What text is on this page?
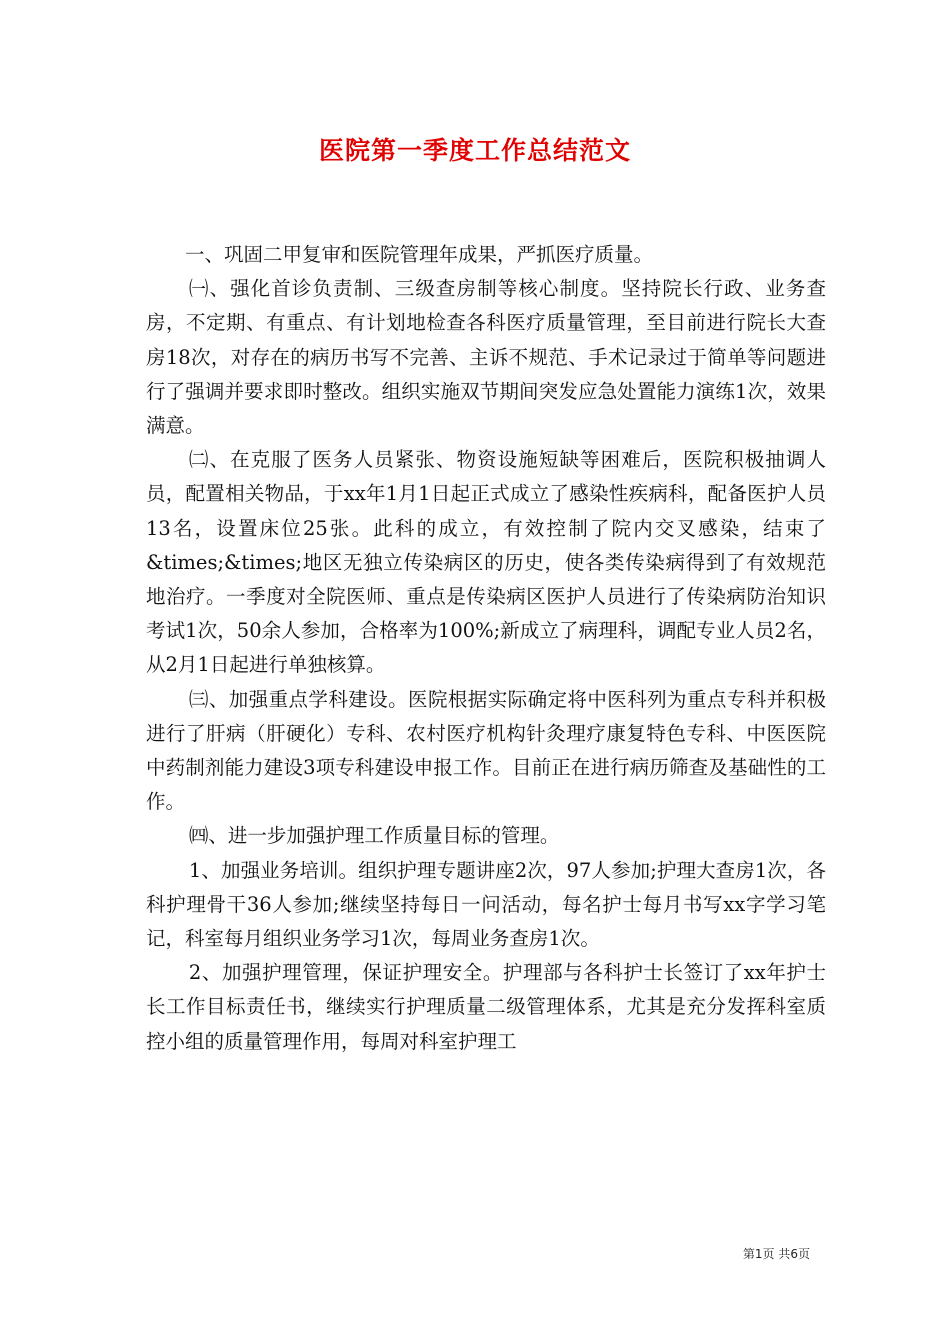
医院第一季度工作总结范文

一、巩固二甲复审和医院管理年成果，严抓医疗质量。

㈠、强化首诊负责制、三级查房制等核心制度。坚持院长行政、业务查房，不定期、有重点、有计划地检查各科医疗质量管理，至目前进行院长大查房18次，对存在的病历书写不完善、主诉不规范、手术记录过于简单等问题进行了强调并要求即时整改。组织实施双节期间突发应急处置能力演练1次，效果满意。

㈡、在克服了医务人员紧张、物资设施短缺等困难后，医院积极抽调人员，配置相关物品，于xx年1月1日起正式成立了感染性疾病科，配备医护人员13名，设置床位25张。此科的成立，有效控制了院内交叉感染，结束了&times;&times;地区无独立传染病区的历史，使各类传染病得到了有效规范地治疗。一季度对全院医师、重点是传染病区医护人员进行了传染病防治知识考试1次，50余人参加，合格率为100%;新成立了病理科，调配专业人员2名，从2月1日起进行单独核算。

㈢、加强重点学科建设。医院根据实际确定将中医科列为重点专科并积极进行了肝病（肝硬化）专科、农村医疗机构针灸理疗康复特色专科、中医医院中药制剂能力建设3项专科建设申报工作。目前正在进行病历筛查及基础性的工作。

㈣、进一步加强护理工作质量目标的管理。

1、加强业务培训。组织护理专题讲座2次，97人参加;护理大查房1次，各科护理骨干36人参加;继续坚持每日一问活动，每名护士每月书写xx字学习笔记，科室每月组织业务学习1次，每周业务查房1次。

2、加强护理管理，保证护理安全。护理部与各科护士长签订了xx年护士长工作目标责任书，继续实行护理质量二级管理体系，尤其是充分发挥科室质控小组的质量管理作用，每周对科室护理工

第1页 共6页
